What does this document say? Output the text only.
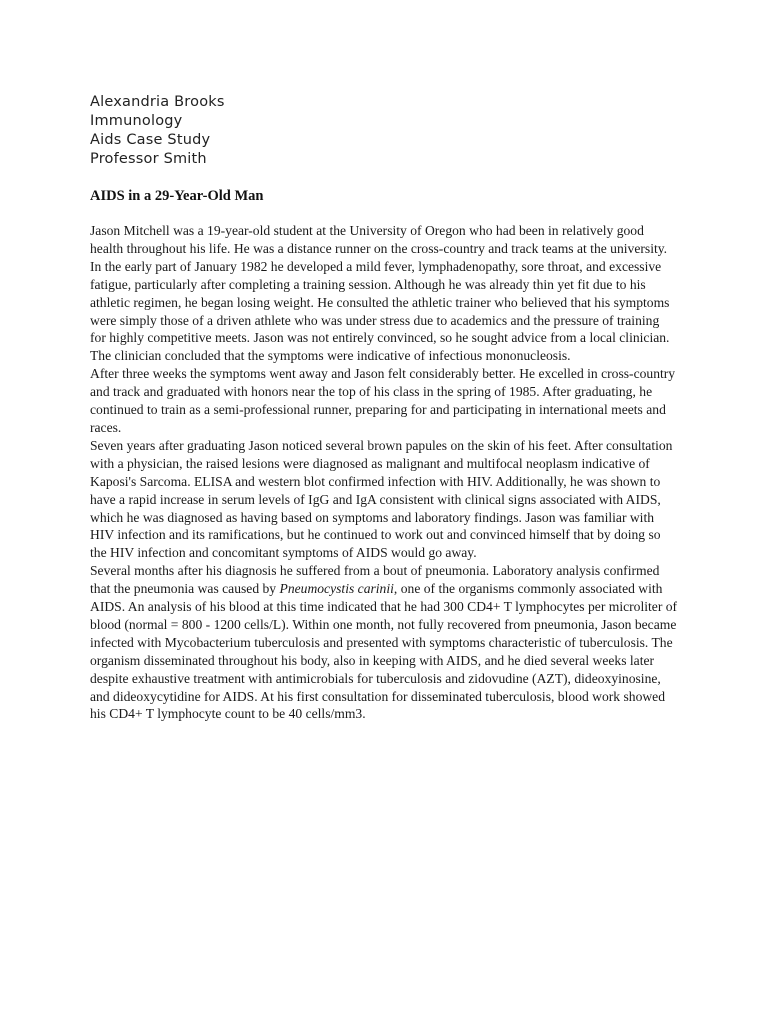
Alexandria Brooks
Immunology
Aids Case Study
Professor Smith
AIDS in a 29-Year-Old Man

Jason Mitchell was a 19-year-old student at the University of Oregon who had been in relatively good health throughout his life. He was a distance runner on the cross-country and track teams at the university. In the early part of January 1982 he developed a mild fever, lymphadenopathy, sore throat, and excessive fatigue, particularly after completing a training session. Although he was already thin yet fit due to his athletic regimen, he began losing weight. He consulted the athletic trainer who believed that his symptoms were simply those of a driven athlete who was under stress due to academics and the pressure of training for highly competitive meets. Jason was not entirely convinced, so he sought advice from a local clinician. The clinician concluded that the symptoms were indicative of infectious mononucleosis.

After three weeks the symptoms went away and Jason felt considerably better. He excelled in cross-country and track and graduated with honors near the top of his class in the spring of 1985. After graduating, he continued to train as a semi-professional runner, preparing for and participating in international meets and races.

Seven years after graduating Jason noticed several brown papules on the skin of his feet. After consultation with a physician, the raised lesions were diagnosed as malignant and multifocal neoplasm indicative of Kaposi's Sarcoma. ELISA and western blot confirmed infection with HIV. Additionally, he was shown to have a rapid increase in serum levels of IgG and IgA consistent with clinical signs associated with AIDS, which he was diagnosed as having based on symptoms and laboratory findings. Jason was familiar with HIV infection and its ramifications, but he continued to work out and convinced himself that by doing so the HIV infection and concomitant symptoms of AIDS would go away.

Several months after his diagnosis he suffered from a bout of pneumonia. Laboratory analysis confirmed that the pneumonia was caused by Pneumocystis carinii, one of the organisms commonly associated with AIDS. An analysis of his blood at this time indicated that he had 300 CD4+ T lymphocytes per microliter of blood (normal = 800 - 1200 cells/L). Within one month, not fully recovered from pneumonia, Jason became infected with Mycobacterium tuberculosis and presented with symptoms characteristic of tuberculosis. The organism disseminated throughout his body, also in keeping with AIDS, and he died several weeks later despite exhaustive treatment with antimicrobials for tuberculosis and zidovudine (AZT), dideoxyinosine, and dideoxycytidine for AIDS. At his first consultation for disseminated tuberculosis, blood work showed his CD4+ T lymphocyte count to be 40 cells/mm3.
